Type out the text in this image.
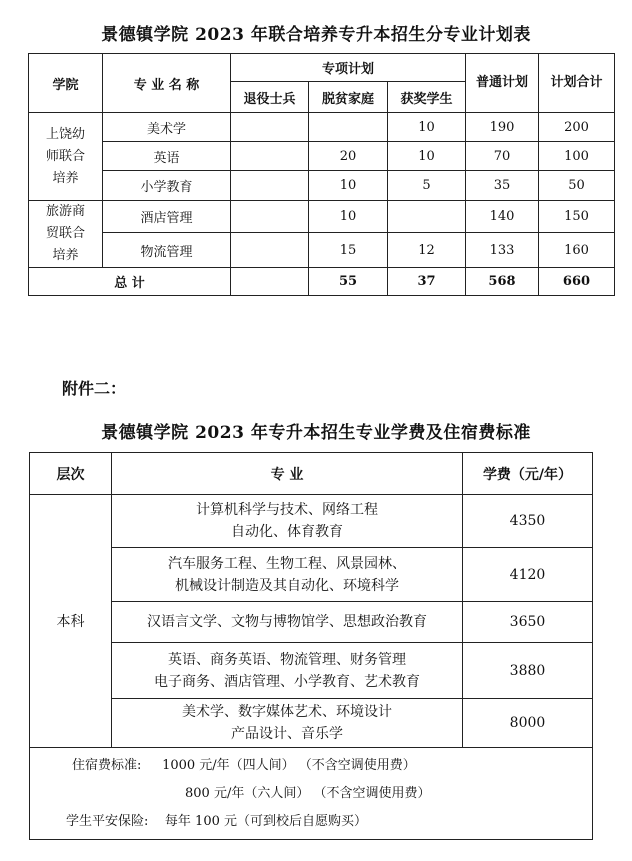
景德镇学院 2023 年联合培养专升本招生分专业计划表
学院	专 业 名 称	专项计划			普通计划	计划合计
		退役士兵	脱贫家庭	获奖学生		

上饶幼
师联合
培养	美术学			10	190	200
	英语		20	10	70	100
	小学教育		10	5	35	50

旅游商
贸联合
培养	酒店管理		10		140	150
	物流管理		15	12	133	160
总 计			55	37	568	660
附件二：
景德镇学院 2023 年专升本招生专业学费及住宿费标准
层次	专 业	学费（元/年）
本科	计算机科学与技术、网络工程
自动化、体育教育	4350

	汽车服务工程、生物工程、风景园林、
机械设计制造及其自动化、环境科学	4120

	汉语言文学、文物与博物馆学、思想政治教育	3650

	英语、商务英语、物流管理、财务管理
电子商务、酒店管理、小学教育、艺术教育	3880

	美术学、数字媒体艺术、环境设计
产品设计、音乐学	8000

住宿费标准: 1000 元/年（四人间） （不含空调使用费）
800 元/年（六人间） （不含空调使用费）
学生平安保险: 每年 100 元（可到校后自愿购买）		
